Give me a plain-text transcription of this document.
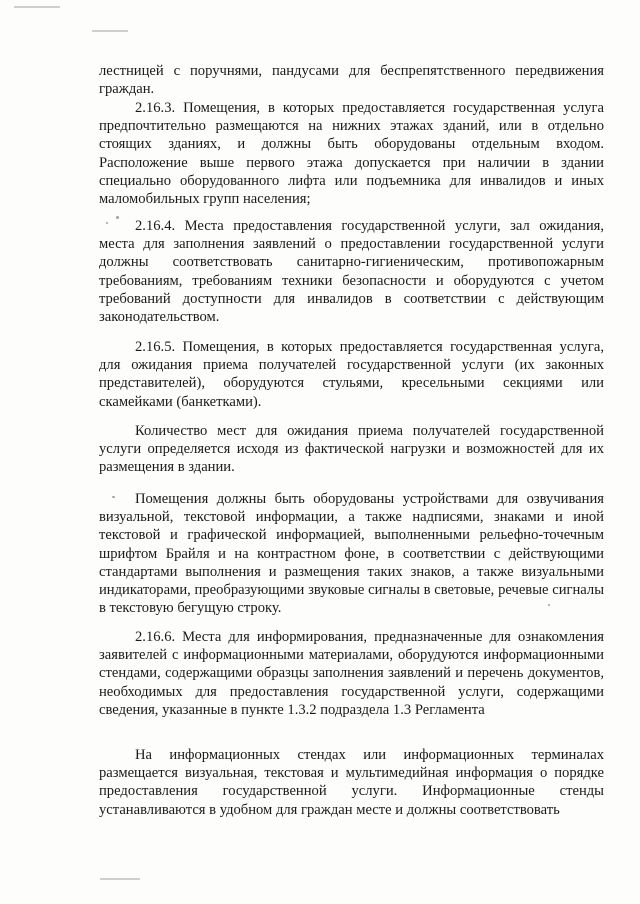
лестницей с поручнями, пандусами для беспрепятственного передвижения граждан.

2.16.3. Помещения, в которых предоставляется государственная услуга предпочтительно размещаются на нижних этажах зданий, или в отдельно стоящих зданиях, и должны быть оборудованы отдельным входом. Расположение выше первого этажа допускается при наличии в здании специально оборудованного лифта или подъемника для инвалидов и иных маломобильных групп населения;

2.16.4. Места предоставления государственной услуги, зал ожидания, места для заполнения заявлений о предоставлении государственной услуги должны соответствовать санитарно-гигиеническим, противопожарным требованиям, требованиям техники безопасности и оборудуются с учетом требований доступности для инвалидов в соответствии с действующим законодательством.

2.16.5. Помещения, в которых предоставляется государственная услуга, для ожидания приема получателей государственной услуги (их законных представителей), оборудуются стульями, кресельными секциями или скамейками (банкетками).

Количество мест для ожидания приема получателей государственной услуги определяется исходя из фактической нагрузки и возможностей для их размещения в здании.

Помещения должны быть оборудованы устройствами для озвучивания визуальной, текстовой информации, а также надписями, знаками и иной текстовой и графической информацией, выполненными рельефно-точечным шрифтом Брайля и на контрастном фоне, в соответствии с действующими стандартами выполнения и размещения таких знаков, а также визуальными индикаторами, преобразующими звуковые сигналы в световые, речевые сигналы в текстовую бегущую строку.

2.16.6. Места для информирования, предназначенные для ознакомления заявителей с информационными материалами, оборудуются информационными стендами, содержащими образцы заполнения заявлений и перечень документов, необходимых для предоставления государственной услуги, содержащими сведения, указанные в пункте 1.3.2 подраздела 1.3 Регламента

На информационных стендах или информационных терминалах размещается визуальная, текстовая и мультимедийная информация о порядке предоставления государственной услуги. Информационные стенды устанавливаются в удобном для граждан месте и должны соответствовать
